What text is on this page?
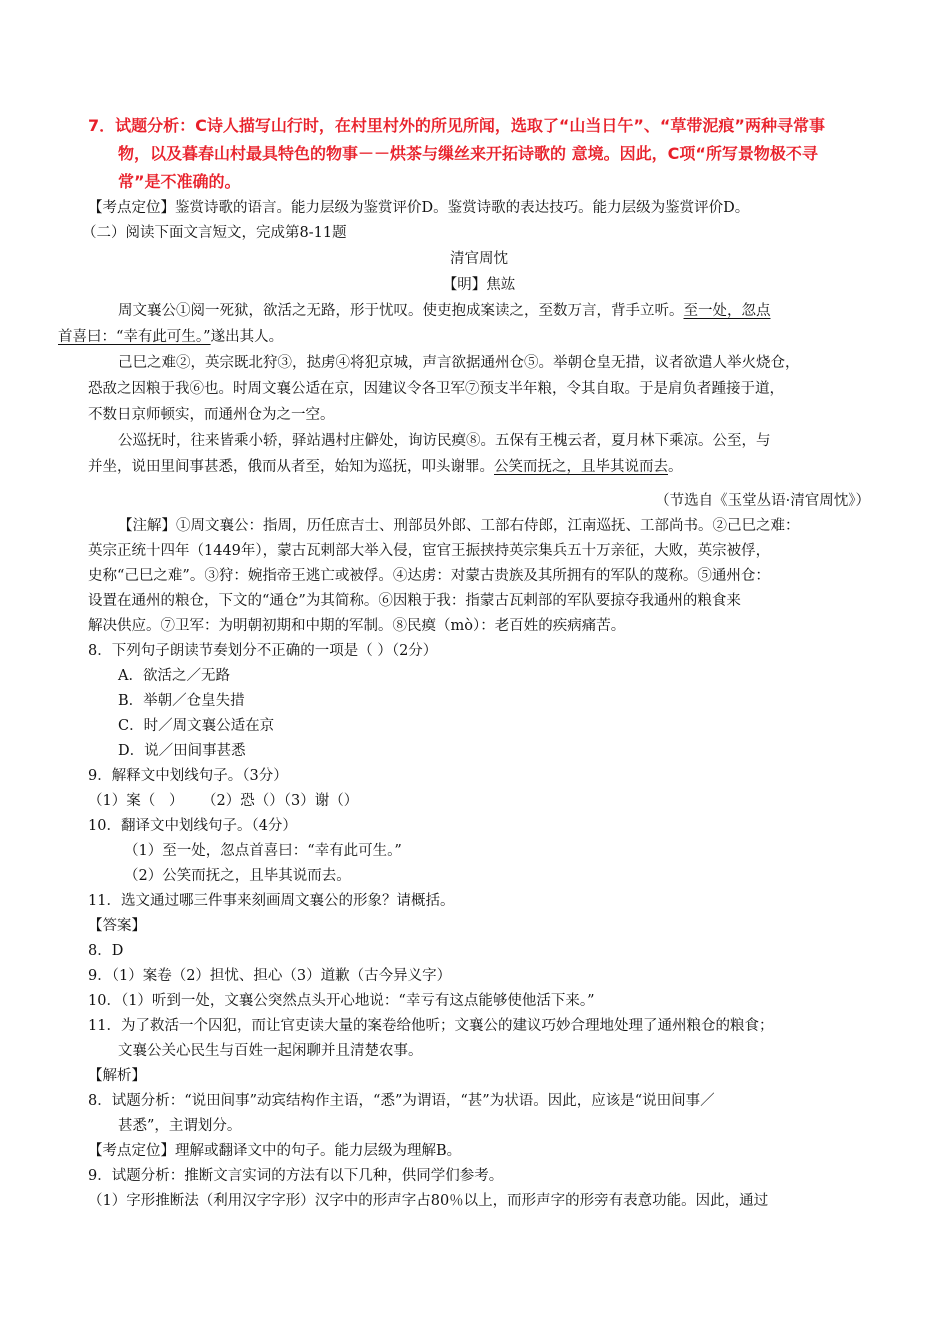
7．试题分析：C诗人描写山行时，在村里村外的所见所闻，选取了“山当日午”、“草带泥痕”两种寻常事
物，以及暮春山村最具特色的物事－－烘茶与缫丝来开拓诗歌的 意境。因此，C项“所写景物极不寻
常”是不准确的。
【考点定位】鉴赏诗歌的语言。能力层级为鉴赏评价D。鉴赏诗歌的表达技巧。能力层级为鉴赏评价D。
（二）阅读下面文言短文，完成第8-11题
清官周忱
【明】焦竑
周文襄公①阅一死狱，欲活之无路，形于忧叹。使吏抱成案读之，至数万言，背手立听。至一处，忽点
首喜曰：“幸有此可生。”遂出其人。
己巳之难②，英宗既北狩③，挞虏④将犯京城，声言欲据通州仓⑤。举朝仓皇无措，议者欲遣人举火烧仓，
恐敌之因粮于我⑥也。时周文襄公适在京，因建议令各卫军⑦预支半年粮，令其自取。于是肩负者踵接于道，
不数日京师顿实，而通州仓为之一空。
公巡抚时，往来皆乘小轿，驿站遇村庄僻处，询访民瘼⑧。五保有王槐云者，夏月林下乘凉。公至，与
并坐，说田里间事甚悉，俄而从者至，始知为巡抚，叩头谢罪。公笑而抚之，且毕其说而去。
（节选自《玉堂丛语·清官周忱》）
【注解】①周文襄公：指周，历任庶吉士、刑部员外郎、工部右侍郎，江南巡抚、工部尚书。②己巳之难：
英宗正统十四年（1449年），蒙古瓦剌部大举入侵，宦官王振挟持英宗集兵五十万亲征，大败，英宗被俘，
史称“己巳之难”。③狩：婉指帝王逃亡或被俘。④达虏：对蒙古贵族及其所拥有的军队的蔑称。⑤通州仓：
设置在通州的粮仓，下文的“通仓”为其简称。⑥因粮于我：指蒙古瓦剌部的军队要掠夺我通州的粮食来
解决供应。⑦卫军：为明朝初期和中期的军制。⑧民瘼（mò）：老百姓的疾病痛苦。
8．下列句子朗读节奏划分不正确的一项是（ ）（2分）
A．欲活之／无路
B．举朝／仓皇失措
C．时／周文襄公适在京
D．说／田间事甚悉
9．解释文中划线句子。（3分）
（1）案（   ）    （2）恐（）（3）谢（）
10．翻译文中划线句子。（4分）
（1）至一处，忽点首喜曰：“幸有此可生。”
（2）公笑而抚之，且毕其说而去。
11．选文通过哪三件事来刻画周文襄公的形象？请概括。
【答案】
8．D
9．（1）案卷（2）担忧、担心（3）道歉（古今异义字）
10．（1）听到一处，文襄公突然点头开心地说：“幸亏有这点能够使他活下来。”
11．为了救活一个囚犯，而让官吏读大量的案卷给他听；文襄公的建议巧妙合理地处理了通州粮仓的粮食；
文襄公关心民生与百姓一起闲聊并且清楚农事。
【解析】
8．试题分析：“说田间事”动宾结构作主语，“悉”为谓语，“甚”为状语。因此，应该是“说田间事／
甚悉”，主谓划分。
【考点定位】理解或翻译文中的句子。能力层级为理解B。
9．试题分析：推断文言实词的方法有以下几种，供同学们参考。
（1）字形推断法（利用汉字字形）汉字中的形声字占80％以上，而形声字的形旁有表意功能。因此，通过
